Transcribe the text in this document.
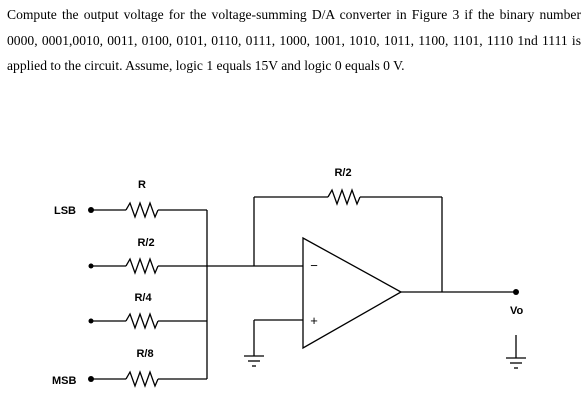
Compute the output voltage for the voltage-summing D/A converter in Figure 3 if the binary number 0000, 0001,0010, 0011, 0100, 0101, 0110, 0111, 1000, 1001, 1010, 1011, 1100, 1101, 1110 1nd 1111 is applied to the circuit. Assume, logic 1 equals 15V and logic 0 equals 0 V.

LSB
MSB
R
R/2
R/4
R/8
R/2
−
+
Vo
